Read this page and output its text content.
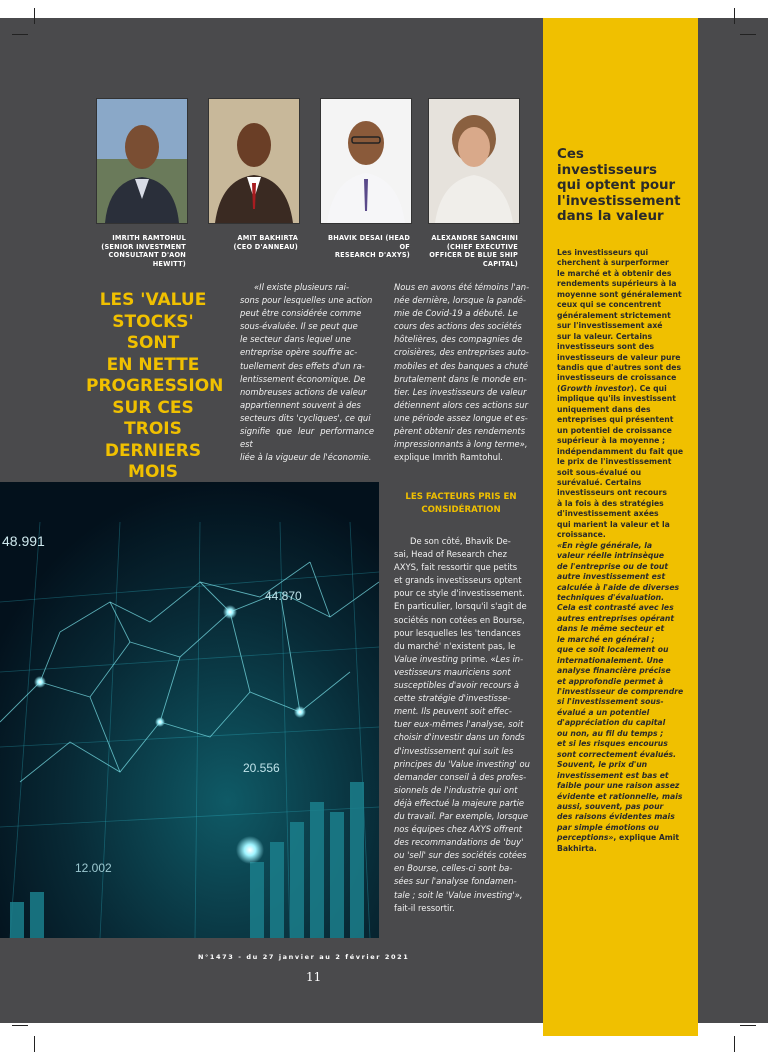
IMRITH RAMTOHUL
(SENIOR INVESTMENT
CONSULTANT D'AON
HEWITT)
AMIT BAKHIRTA
(CEO D'ANNEAU)
BHAVIK DESAI (HEAD OF
RESEARCH D'AXYS)
ALEXANDRE SANCHINI
(CHIEF EXECUTIVE
OFFICER DE BLUE SHIP
CAPITAL)
LES 'VALUE
STOCKS' SONT
EN NETTE
PROGRESSION
SUR CES
TROIS
DERNIERS
MOIS

«Il existe plusieurs rai-

sons pour lesquelles une action

peut être considérée comme

sous-évaluée. Il se peut que

le secteur dans lequel une

entreprise opère souffre ac-

tuellement des effets d'un ra-

lentissement économique. De

nombreuses actions de valeur

appartiennent souvent à des

secteurs dits 'cycliques', ce qui

signifie que leur performance est

liée à la vigueur de l'économie.

Nous en avons été témoins l'an-

née dernière, lorsque la pandé-

mie de Covid-19 a débuté. Le

cours des actions des sociétés

hôtelières, des compagnies de

croisières, des entreprises auto-

mobiles et des banques a chuté

brutalement dans le monde en-

tier. Les investisseurs de valeur

détiennent alors ces actions sur

une période assez longue et es-

pèrent obtenir des rendements

impressionnants à long terme»,

explique Imrith Ramtohul.

LES FACTEURS PRIS EN
CONSIDÉRATION

De son côté, Bhavik De-

sai, Head of Research chez

AXYS, fait ressortir que petits

et grands investisseurs optent

pour ce style d'investissement.

En particulier, lorsqu'il s'agit de

sociétés non cotées en Bourse,

pour lesquelles les 'tendances

du marché' n'existent pas, le

Value investing prime. «Les in-

vestisseurs mauriciens sont

susceptibles d'avoir recours à

cette stratégie d'investisse-

ment. Ils peuvent soit effec-

tuer eux-mêmes l'analyse, soit

choisir d'investir dans un fonds

d'investissement qui suit les

principes du 'Value investing' ou

demander conseil à des profes-

sionnels de l'industrie qui ont

déjà effectué la majeure partie

du travail. Par exemple, lorsque

nos équipes chez AXYS offrent

des recommandations de 'buy'

ou 'sell' sur des sociétés cotées

en Bourse, celles-ci sont ba-

sées sur l'analyse fondamen-

tale ; soit le 'Value investing'»,

fait-il ressortir.

48.991
44.870
20.556
12.002
Ces
investisseurs
qui optent pour
l'investissement
dans la valeur

Les investisseurs qui

cherchent à surperformer

le marché et à obtenir des

rendements supérieurs à la

moyenne sont généralement

ceux qui se concentrent

généralement strictement

sur l'investissement axé

sur la valeur. Certains

investisseurs sont des

investisseurs de valeur pure

tandis que d'autres sont des

investisseurs de croissance

(Growth investor). Ce qui

implique qu'ils investissent

uniquement dans des

entreprises qui présentent

un potentiel de croissance

supérieur à la moyenne ;

indépendamment du fait que

le prix de l'investissement

soit sous-évalué ou

surévalué. Certains

investisseurs ont recours

à la fois à des stratégies

d'investissement axées

qui marient la valeur et la

croissance.

«En règle générale, la

valeur réelle intrinsèque

de l'entreprise ou de tout

autre investissement est

calculée à l'aide de diverses

techniques d'évaluation.

Cela est contrasté avec les

autres entreprises opérant

dans le même secteur et

le marché en général ;

que ce soit localement ou

internationalement. Une

analyse financière précise

et approfondie permet à

l'investisseur de comprendre

si l'investissement sous-

évalué a un potentiel

d'appréciation du capital

ou non, au fil du temps ;

et si les risques encourus

sont correctement évalués.

Souvent, le prix d'un

investissement est bas et

faible pour une raison assez

évidente et rationnelle, mais

aussi, souvent, pas pour

des raisons évidentes mais

par simple émotions ou

perceptions», explique Amit

Bakhirta.

N°1473 - du 27 janvier au 2 février 2021
11
